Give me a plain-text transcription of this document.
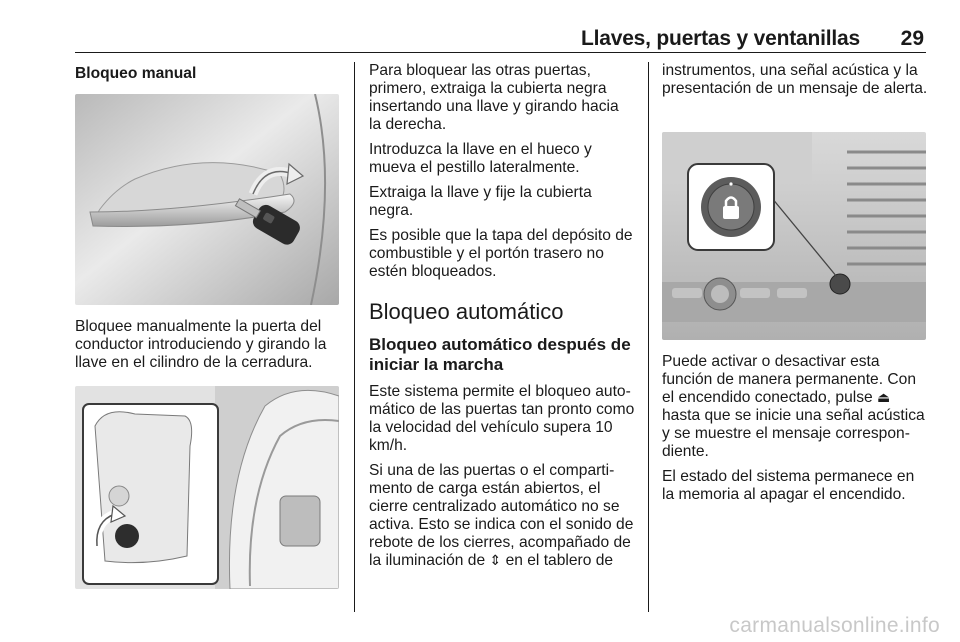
Llaves, puertas y ventanillas	29
Bloqueo manual

Bloquee manualmente la puerta del conductor introduciendo y girando la llave en el cilindro de la cerradura.

Para bloquear las otras puertas, primero, extraiga la cubierta negra insertando una llave y girando hacia la derecha.

Introduzca la llave en el hueco y mueva el pestillo lateralmente.

Extraiga la llave y fije la cubierta negra.

Es posible que la tapa del depósito de combustible y el portón trasero no estén bloqueados.

Bloqueo automático
Bloqueo automático después de iniciar la marcha

Este sistema permite el bloqueo automático de las puertas tan pronto como la velocidad del vehículo supera 10 km/h.

Si una de las puertas o el compartimento de carga están abiertos, el cierre centralizado automático no se activa. Esto se indica con el sonido de rebote de los cierres, acompañado de la iluminación de ⇕ en el tablero de

instrumentos, una señal acústica y la presentación de un mensaje de alerta.

Puede activar o desactivar esta función de manera permanente. Con el encendido conectado, pulse ⏏ hasta que se inicie una señal acústica y se muestre el mensaje correspondiente.

El estado del sistema permanece en la memoria al apagar el encendido.

carmanualsonline.info
